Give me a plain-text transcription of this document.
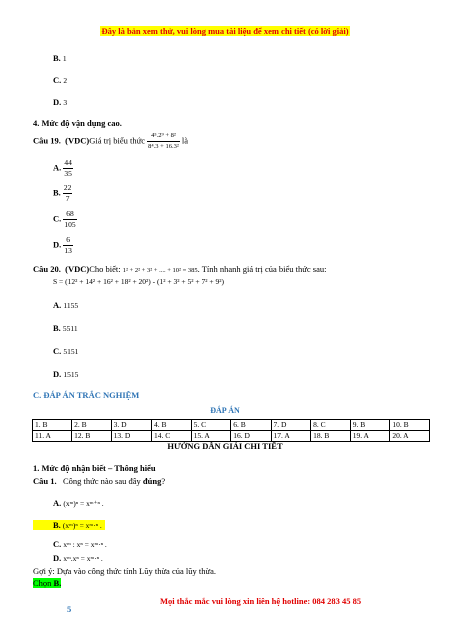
Đây là bản xem thử, vui lòng mua tài liệu để xem chi tiết (có lời giải)
B. 1
C. 2
D. 3
4. Mức độ vận dụng cao.
Câu 19. (VDC)Giá trị biểu thức $\frac{\text{4⁵.2⁹ + 8²}}{\text{8⁴.3 + 16.3²}}$ là
A. $\frac{44}{35}$
B. $\frac{22}{7}$
C. $\frac{68}{105}$
D. $\frac{6}{13}$
Câu 20. (VDC)Cho biết: 1² + 2² + 3² + .... + 10² = 385. Tính nhanh giá trị của biểu thức sau:
S = (12² + 14² + 16² + 18² + 20²) - (1² + 3² + 5² + 7² + 9²)
A. 1155
B. 5511
C. 5151
D. 1515
C. ĐÁP ÁN TRẮC NGHIỆM
ĐÁP ÁN
1. B	2. B	3. D	4. B	5. C	6. B	7. D	8. C	9. B	10. B
11. A	12. B	13. D	14. C	15. A	16. D	17. A	18. B	19. A	20. A
HƯỚNG DẪN GIẢI CHI TIẾT
1. Mức độ nhận biết – Thông hiểu
Câu 1. Công thức nào sau đây đúng?
A. (xᵐ)ⁿ = xᵐ⁺ⁿ .
B. (xᵐ)ⁿ = xᵐ·ⁿ .
C. xᵐ : xⁿ = xᵐ·ⁿ .
D. xᵐ.xⁿ = xᵐ·ⁿ .
Gợi ý: Dựa vào công thức tính Lũy thừa của lũy thừa.
Chọn B.
Mọi thắc mắc vui lòng xin liên hệ hotline: 084 283 45 85
5
